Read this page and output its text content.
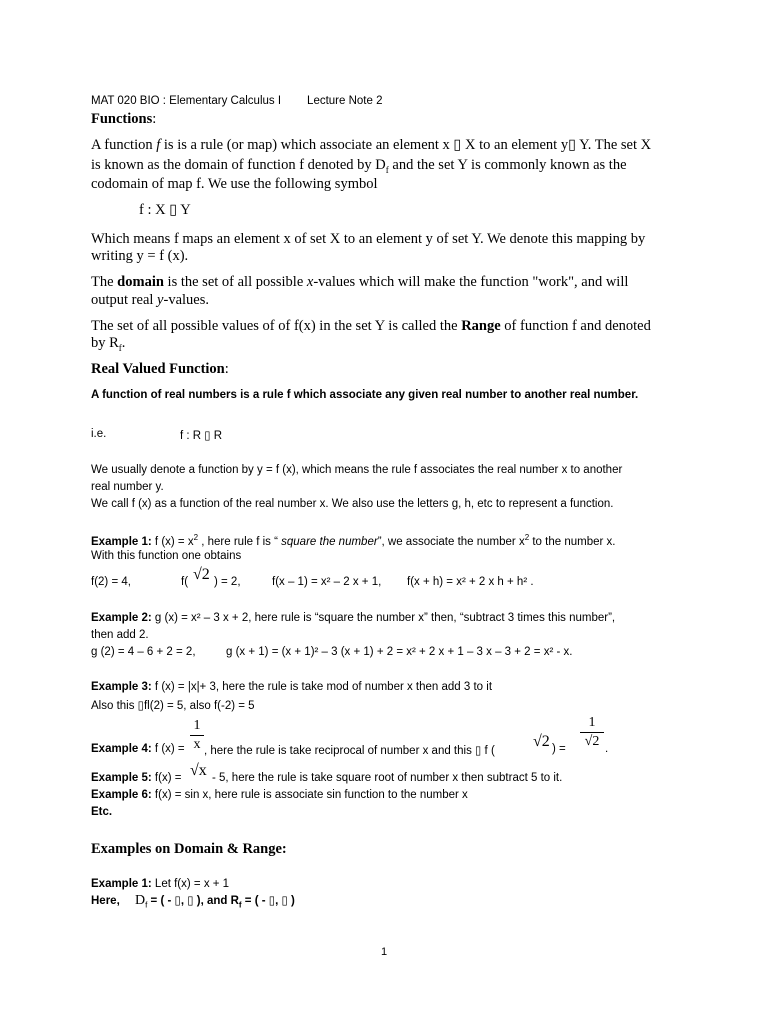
MAT 020 BIO : Elementary Calculus I Lecture Note 2
Functions:
A function f is is a rule (or map) which associate an element x ▯ X to an element y▯ Y. The set X
is known as the domain of function f denoted by $D_f$ and the set Y is commonly known as the
codomain of map f. We use the following symbol
f : X ▯ Y
Which means f maps an element x of set X to an element y of set Y. We denote this mapping by
writing y = f (x).
The domain is the set of all possible x-values which will make the function "work", and will
output real y-values.
The set of all possible values of of f(x) in the set Y is called the Range of function f and denoted
by $R_f$.
Real Valued Function:
A function of real numbers is a rule f which associate any given real number to another real number.
i.e.	f : R ▯ R
We usually denote a function by y = f (x), which means the rule f associates the real number x to another
real number y.
We call f (x) as a function of the real number x. We also use the letters g, h, etc to represent a function.
Example 1: f $(x) = x^2$ , here rule f is “ square the number”, we associate the number $x^2$ to the number x.
With this function one obtains
f(2) = 4,	f( √2 ) = 2,	f(x – 1) = x² – 2 x + 1, f(x + h) = x² + 2 x h + h² .
Example 2: g (x) = x² – 3 x + 2, here rule is “square the number x” then, “subtract 3 times this number”,
then add 2.
g (2) = 4 – 6 + 2 = 2,	g (x + 1) = (x + 1)² – 3 (x + 1) + 2 = x² + 2 x + 1 – 3 x – 3 + 2 = x² - x.
Example 3: f (x) = |x|+ 3, here the rule is take mod of number x then add 3 to it
Also this ▯fl(2) = 5, also f(-2) = 5
1
x
Example 4: f (x) = , here the rule is take reciprocal of number x and this ▯ f (
√2 ) =
1
√2 .
Example 5: f(x) = √x - 5, here the rule is take square root of number x then subtract 5 to it.
Example 6: f(x) = sin x, here rule is associate sin function to the number x
Etc.
Examples on Domain & Range:
Example 1: Let f(x) = x + 1
Here, $D_f$ = ( - ▯, ▯ ), and $R_f$ = ( - ▯, ▯ )
1
